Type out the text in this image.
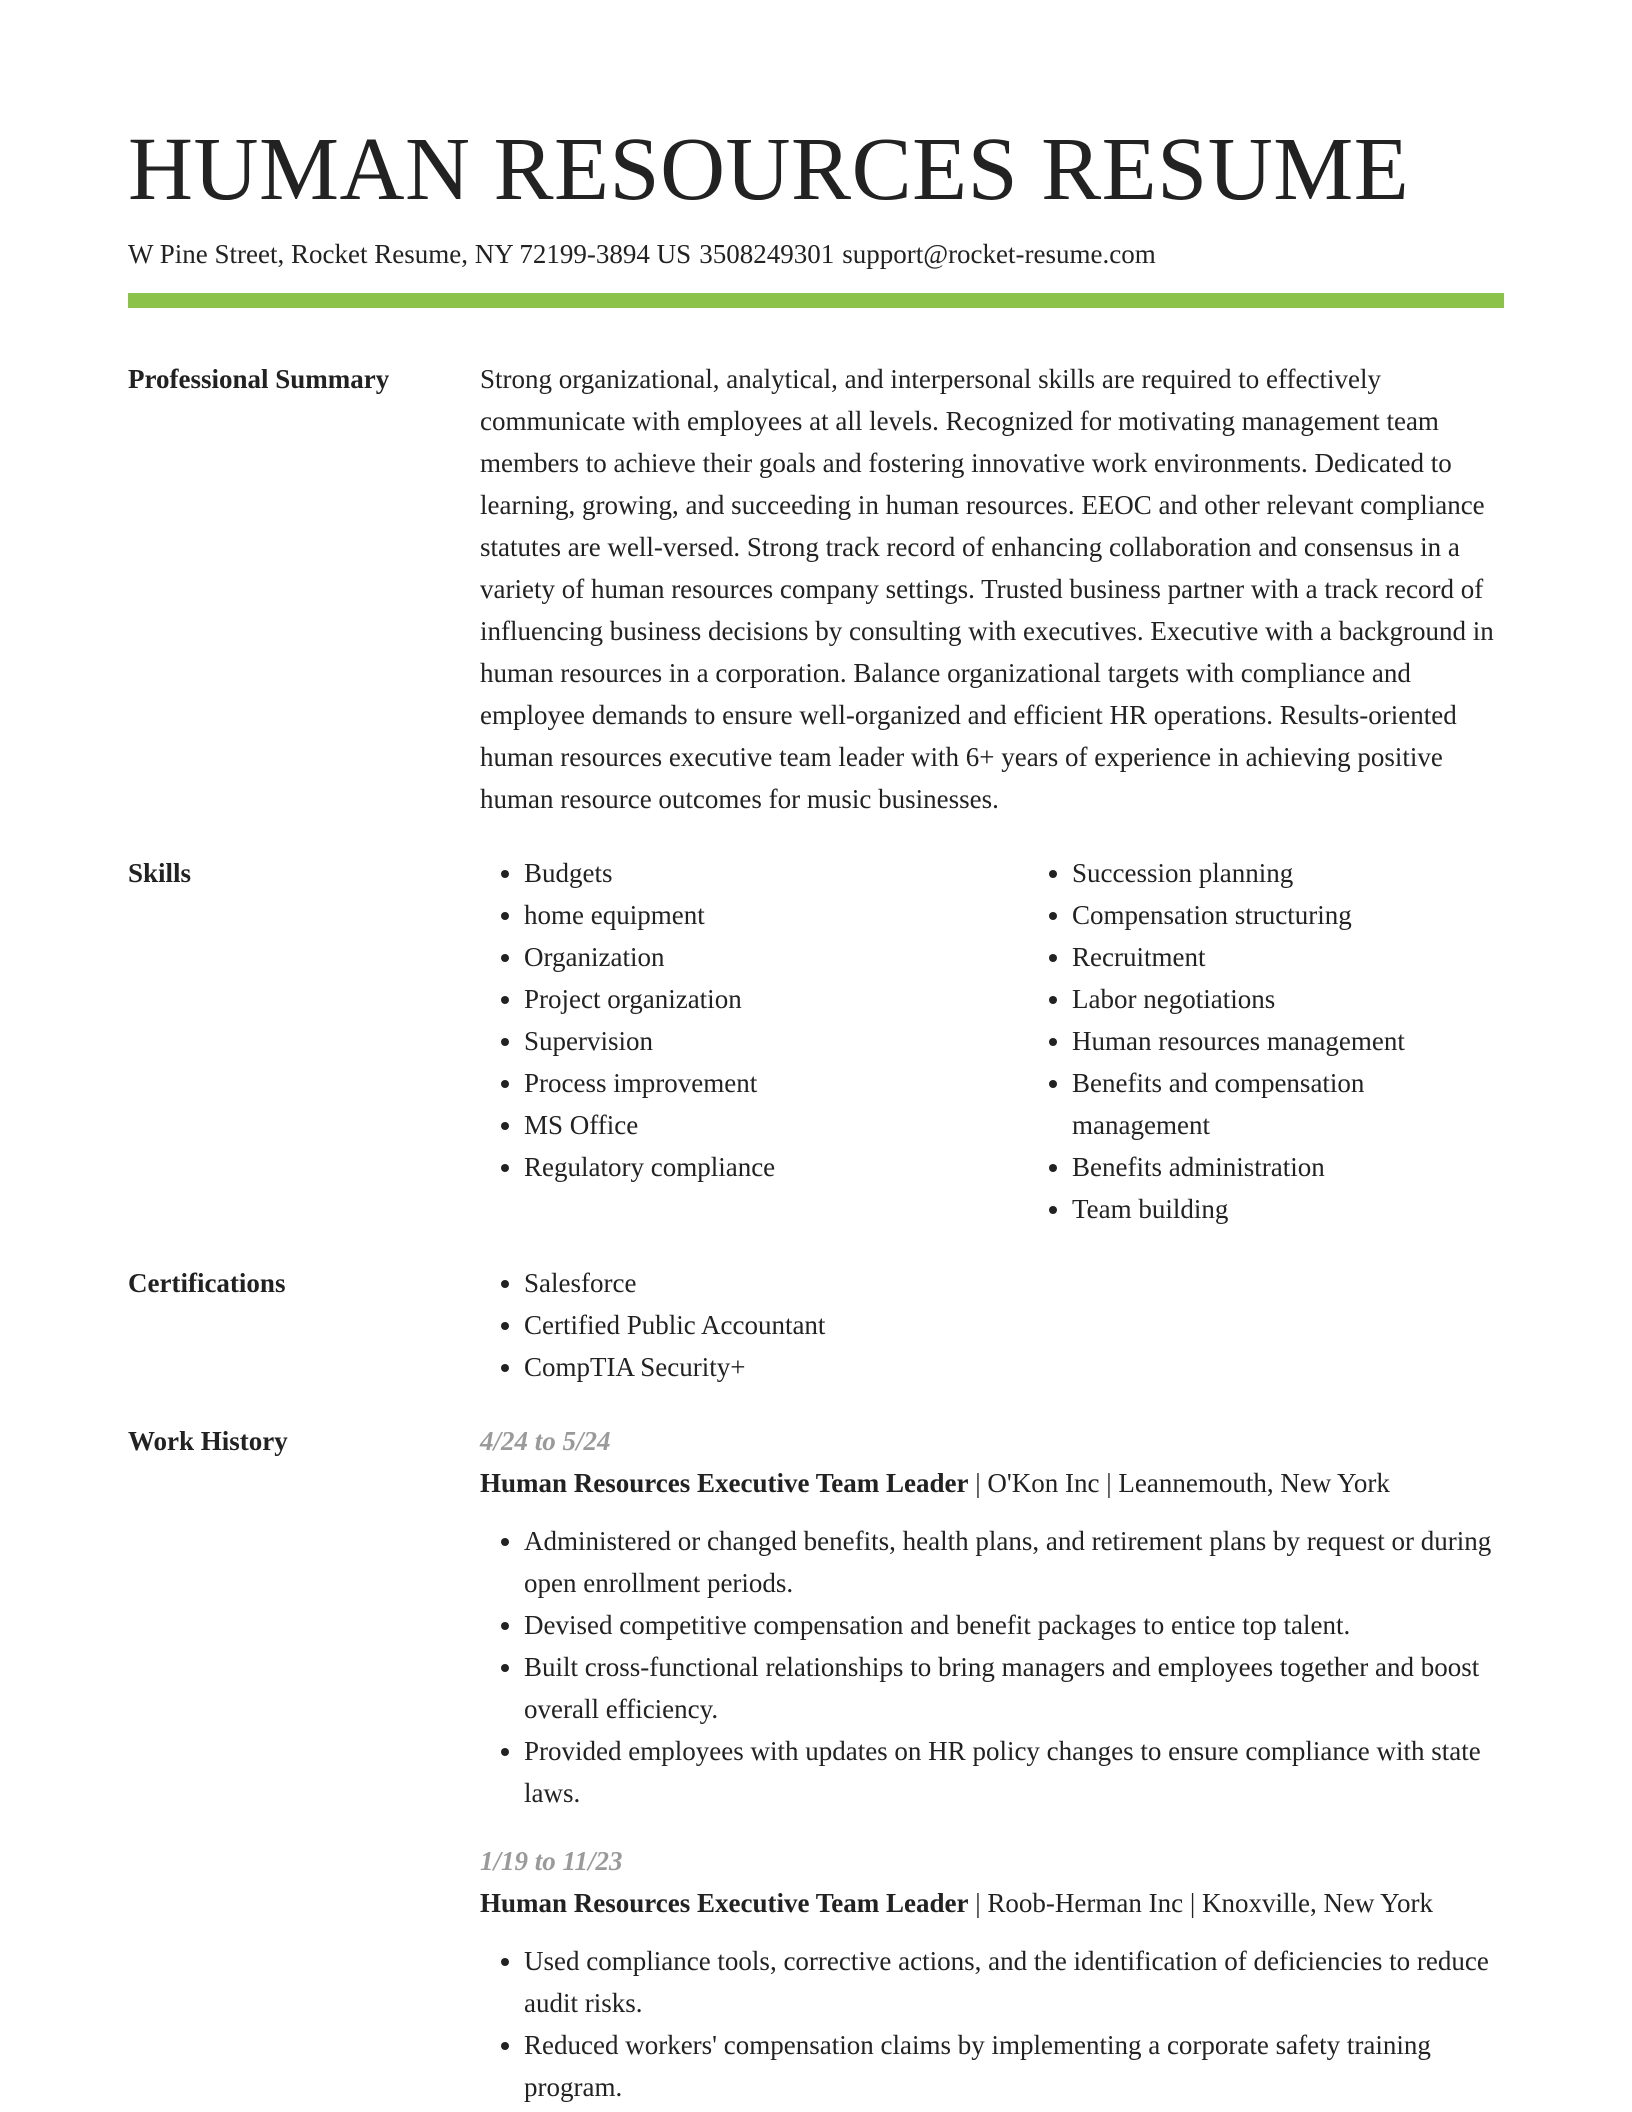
HUMAN RESOURCES RESUME
W Pine Street, Rocket Resume, NY 72199-3894 US 3508249301 support@rocket-resume.com
Professional Summary	Strong organizational, analytical, and interpersonal skills are required to effectively communicate with employees at all levels. Recognized for motivating management team members to achieve their goals and fostering innovative work environments. Dedicated to learning, growing, and succeeding in human resources. EEOC and other relevant compliance statutes are well-versed. Strong track record of enhancing collaboration and consensus in a variety of human resources company settings. Trusted business partner with a track record of influencing business decisions by consulting with executives. Executive with a background in human resources in a corporation. Balance organizational targets with compliance and employee demands to ensure well-organized and efficient HR operations. Results-oriented human resources executive team leader with 6+ years of experience in achieving positive human resource outcomes for music businesses.
Skills	• Budgets
• home equipment
• Organization
• Project organization
• Supervision
• Process improvement
• MS Office
• Regulatory compliance
• Succession planning
• Compensation structuring
• Recruitment
• Labor negotiations
• Human resources management
• Benefits and compensation management
• Benefits administration
• Team building
Certifications	• Salesforce
• Certified Public Accountant
• CompTIA Security+
Work History	4/24 to 5/24
Human Resources Executive Team Leader | O'Kon Inc | Leannemouth, New York
• Administered or changed benefits, health plans, and retirement plans by request or during open enrollment periods.
• Devised competitive compensation and benefit packages to entice top talent.
• Built cross-functional relationships to bring managers and employees together and boost overall efficiency.
• Provided employees with updates on HR policy changes to ensure compliance with state laws.
1/19 to 11/23
Human Resources Executive Team Leader | Roob-Herman Inc | Knoxville, New York
• Used compliance tools, corrective actions, and the identification of deficiencies to reduce audit risks.
• Reduced workers' compensation claims by implementing a corporate safety training program.
